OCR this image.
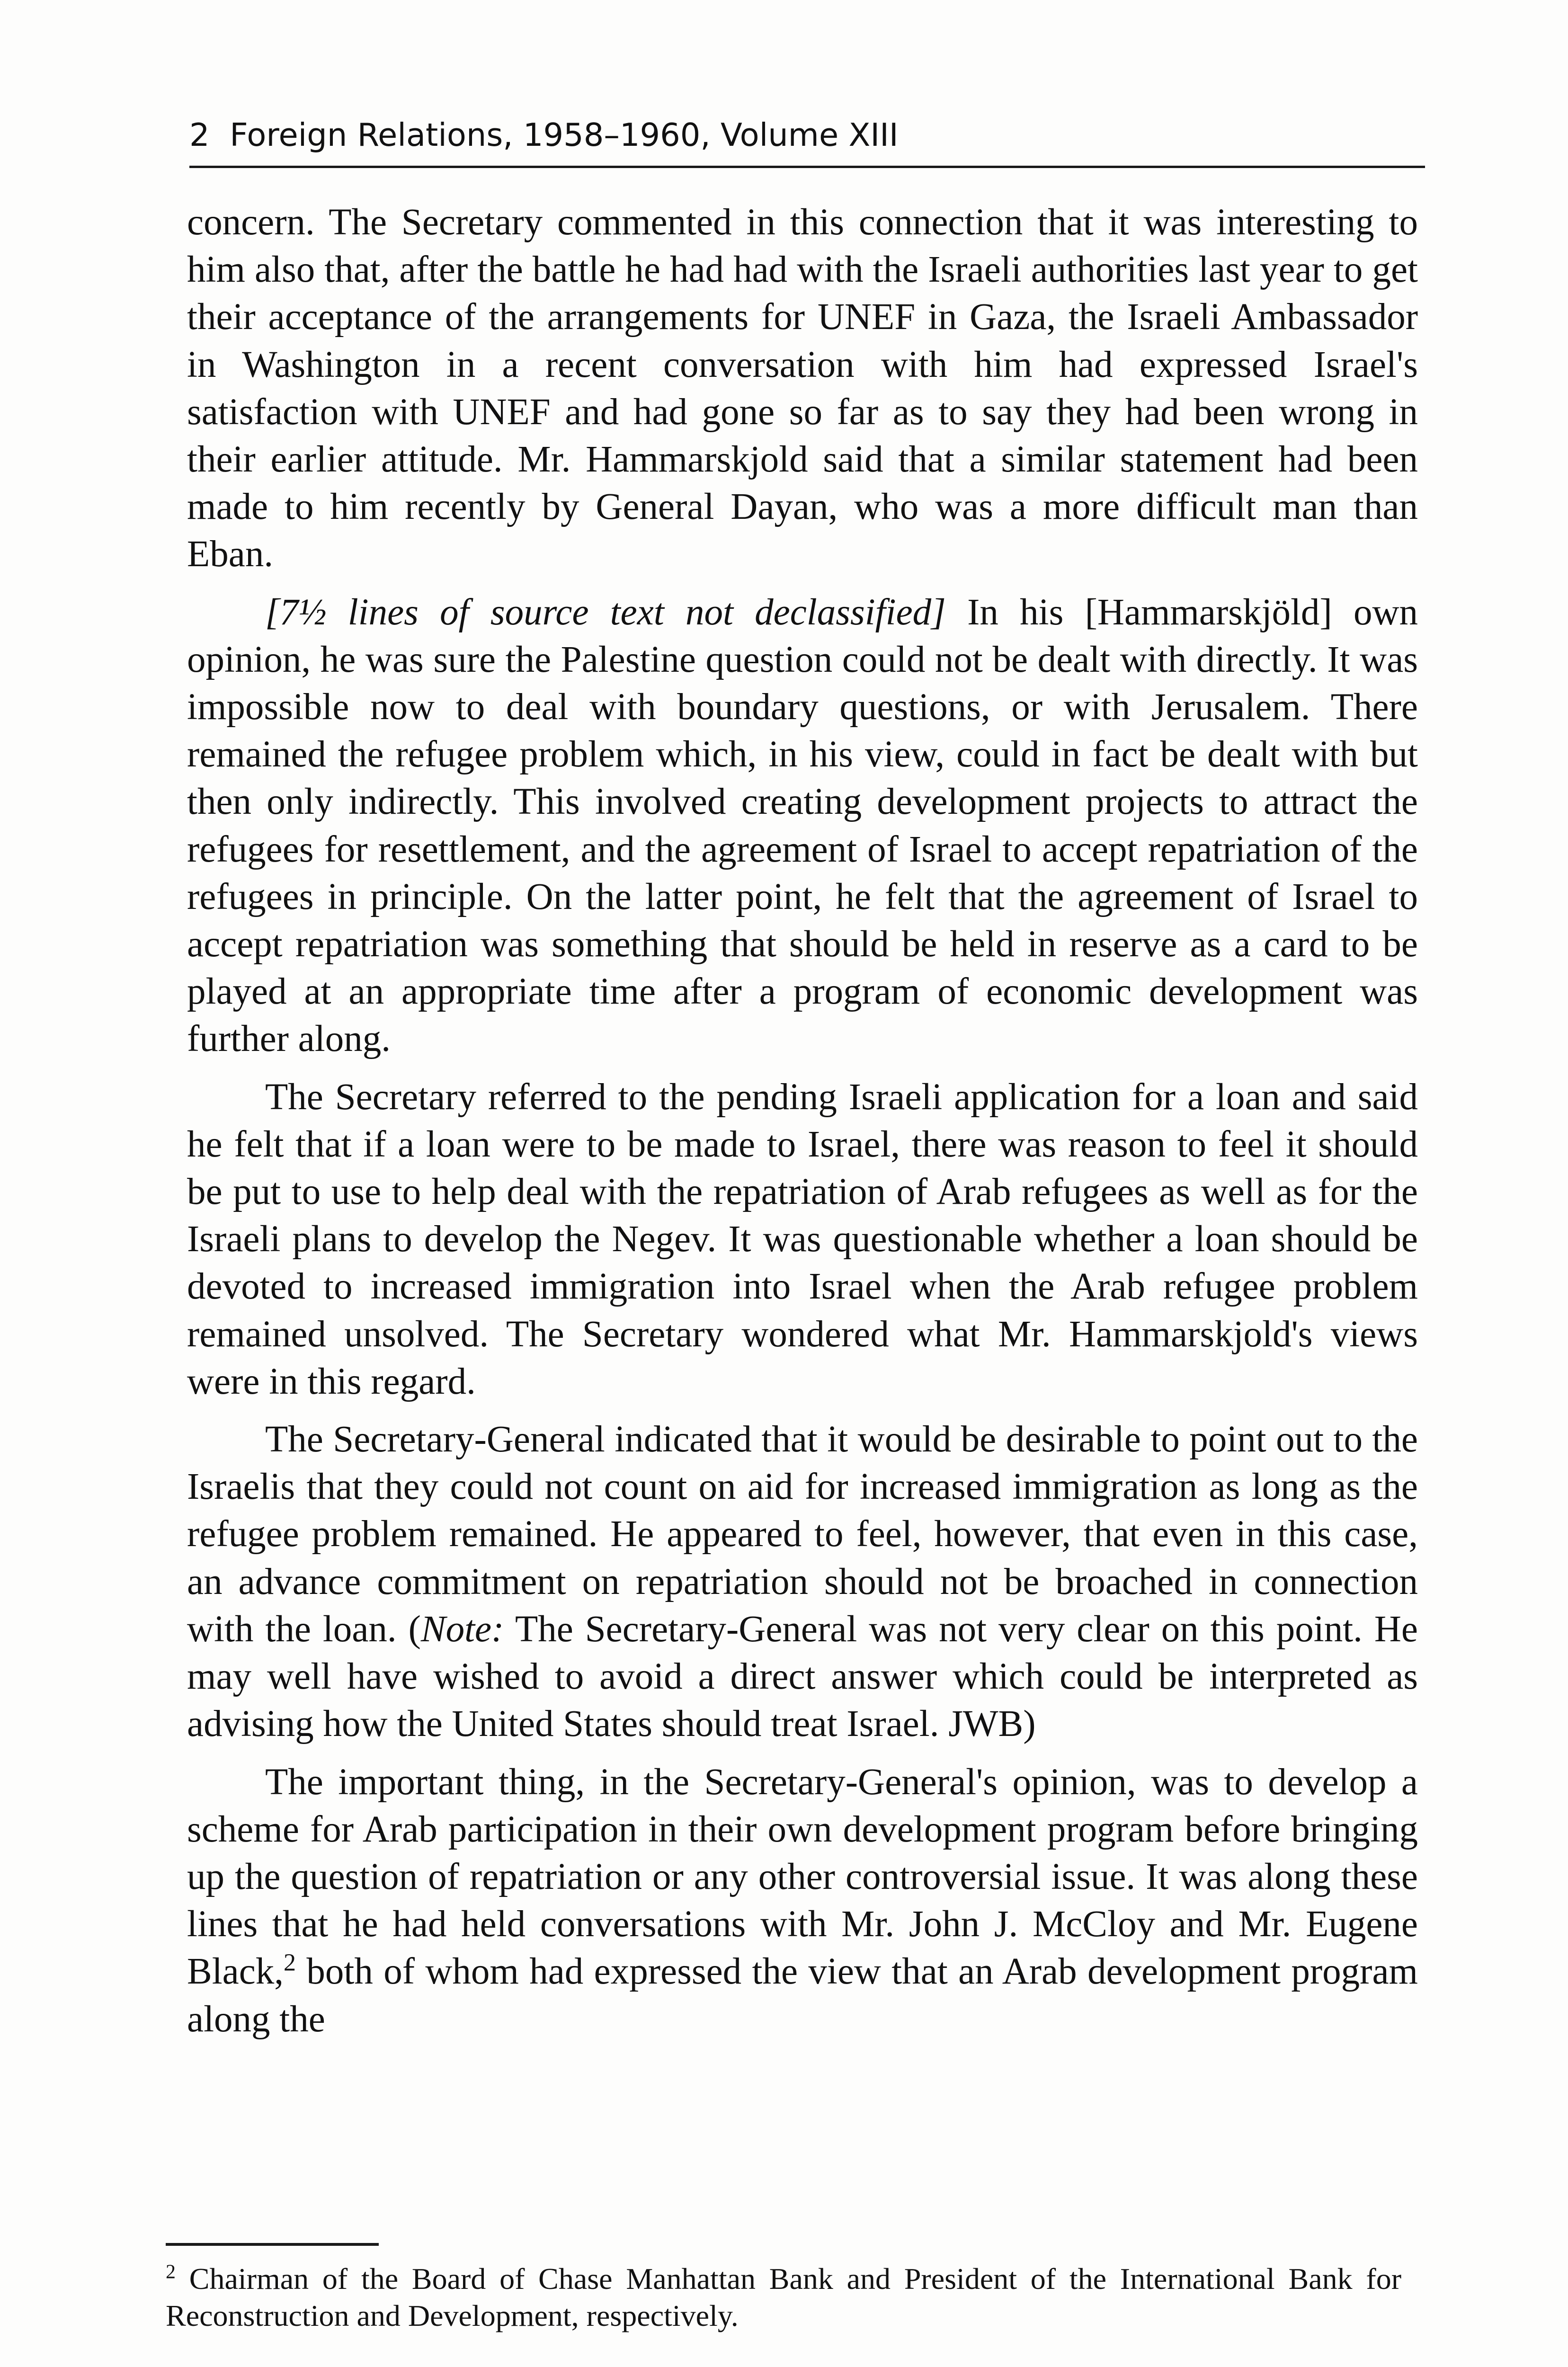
2 Foreign Relations, 1958–1960, Volume XIII

concern. The Secretary commented in this connection that it was interesting to him also that, after the battle he had had with the Israeli authorities last year to get their acceptance of the arrangements for UNEF in Gaza, the Israeli Ambassador in Washington in a recent conversation with him had expressed Israel's satisfaction with UNEF and had gone so far as to say they had been wrong in their earlier attitude. Mr. Hammarskjold said that a similar statement had been made to him recently by General Dayan, who was a more difficult man than Eban.

[7½ lines of source text not declassified] In his [Hammarskjöld] own opinion, he was sure the Palestine question could not be dealt with directly. It was impossible now to deal with boundary questions, or with Jerusalem. There remained the refugee problem which, in his view, could in fact be dealt with but then only indirectly. This involved creating development projects to attract the refugees for resettlement, and the agreement of Israel to accept repatriation of the refugees in principle. On the latter point, he felt that the agreement of Israel to accept repatriation was something that should be held in reserve as a card to be played at an appropriate time after a program of economic development was further along.

The Secretary referred to the pending Israeli application for a loan and said he felt that if a loan were to be made to Israel, there was reason to feel it should be put to use to help deal with the repatriation of Arab refugees as well as for the Israeli plans to develop the Negev. It was questionable whether a loan should be devoted to increased immigration into Israel when the Arab refugee problem remained unsolved. The Secretary wondered what Mr. Hammarskjold's views were in this regard.

The Secretary-General indicated that it would be desirable to point out to the Israelis that they could not count on aid for increased immigration as long as the refugee problem remained. He appeared to feel, however, that even in this case, an advance commitment on repatriation should not be broached in connection with the loan. (Note: The Secretary-General was not very clear on this point. He may well have wished to avoid a direct answer which could be interpreted as advising how the United States should treat Israel. JWB)

The important thing, in the Secretary-General's opinion, was to develop a scheme for Arab participation in their own development program before bringing up the question of repatriation or any other controversial issue. It was along these lines that he had held conversations with Mr. John J. McCloy and Mr. Eugene Black,$^2$ both of whom had expressed the view that an Arab development program along the

$^2$ Chairman of the Board of Chase Manhattan Bank and President of the International Bank for Reconstruction and Development, respectively.
